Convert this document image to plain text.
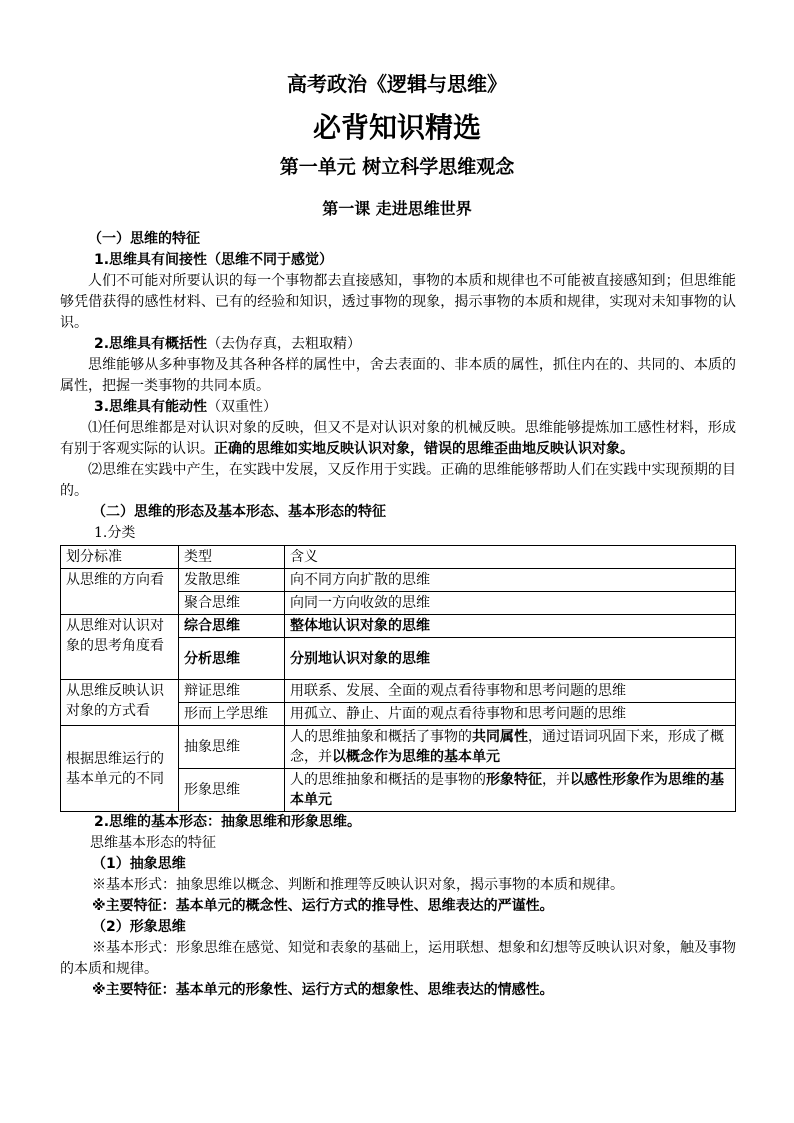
高考政治《逻辑与思维》
必背知识精选
第一单元 树立科学思维观念
第一课 走进思维世界

（一）思维的特征

1.思维具有间接性（思维不同于感觉）

人们不可能对所要认识的每一个事物都去直接感知，事物的本质和规律也不可能被直接感知到；但思维能够凭借获得的感性材料、已有的经验和知识，透过事物的现象，揭示事物的本质和规律，实现对未知事物的认识。

2.思维具有概括性（去伪存真，去粗取精）

思维能够从多种事物及其各种各样的属性中，舍去表面的、非本质的属性，抓住内在的、共同的、本质的属性，把握一类事物的共同本质。

3.思维具有能动性（双重性）

⑴任何思维都是对认识对象的反映，但又不是对认识对象的机械反映。思维能够提炼加工感性材料，形成有别于客观实际的认识。正确的思维如实地反映认识对象，错误的思维歪曲地反映认识对象。

⑵思维在实践中产生，在实践中发展，又反作用于实践。正确的思维能够帮助人们在实践中实现预期的目的。

（二）思维的形态及基本形态、基本形态的特征

1.分类

划分标准	类型	含义
从思维的方向看	发散思维	向不同方向扩散的思维
	聚合思维	向同一方向收敛的思维
从思维对认识对象的思考角度看	综合思维	整体地认识对象的思维
	分析思维	分别地认识对象的思维
从思维反映认识对象的方式看	辩证思维	用联系、发展、全面的观点看待事物和思考问题的思维
	形而上学思维	用孤立、静止、片面的观点看待事物和思考问题的思维
根据思维运行的基本单元的不同	抽象思维	人的思维抽象和概括了事物的共同属性，通过语词巩固下来，形成了概念，并以概念作为思维的基本单元
	形象思维	人的思维抽象和概括的是事物的形象特征，并以感性形象作为思维的基本单元

2.思维的基本形态：抽象思维和形象思维。

思维基本形态的特征

（1）抽象思维

※基本形式：抽象思维以概念、判断和推理等反映认识对象，揭示事物的本质和规律。

※主要特征：基本单元的概念性、运行方式的推导性、思维表达的严谨性。

（2）形象思维

※基本形式：形象思维在感觉、知觉和表象的基础上，运用联想、想象和幻想等反映认识对象，触及事物的本质和规律。

※主要特征：基本单元的形象性、运行方式的想象性、思维表达的情感性。
